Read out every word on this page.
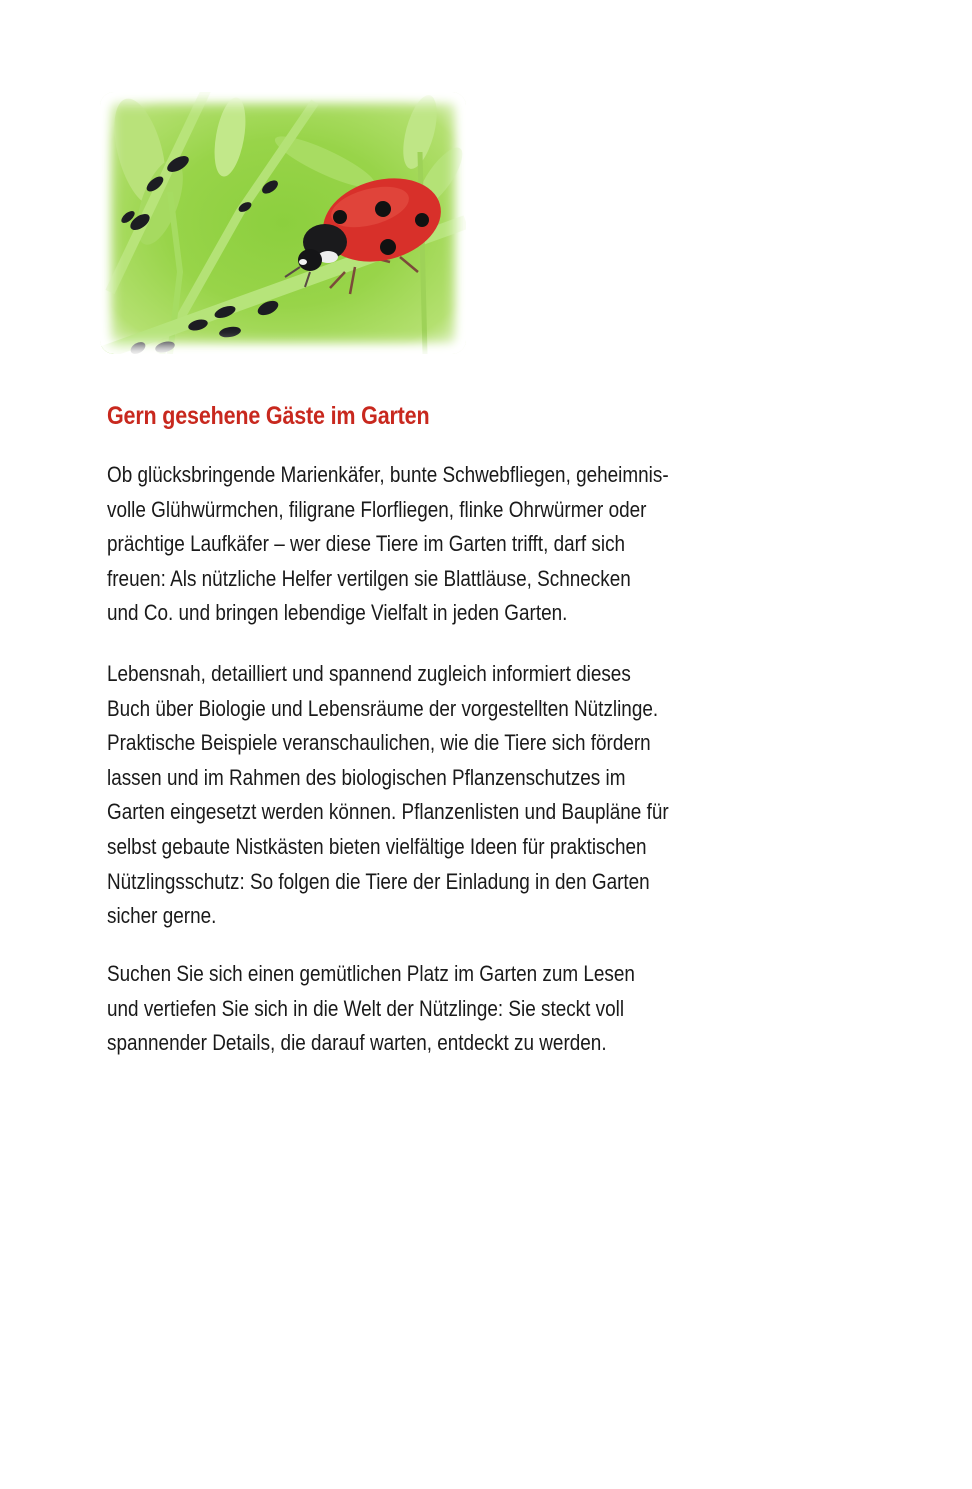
Gern gesehene Gäste im Garten
Ob glücksbringende Marienkäfer, bunte Schwebfliegen, geheimnis-
volle Glühwürmchen, filigrane Florfliegen, flinke Ohrwürmer oder
prächtige Laufkäfer – wer diese Tiere im Garten trifft, darf sich
freuen: Als nützliche Helfer vertilgen sie Blattläuse, Schnecken
und Co. und bringen lebendige Vielfalt in jeden Garten.
Lebensnah, detailliert und spannend zugleich informiert dieses
Buch über Biologie und Lebensräume der vorgestellten Nützlinge.
Praktische Beispiele veranschaulichen, wie die Tiere sich fördern
lassen und im Rahmen des biologischen Pflanzenschutzes im
Garten eingesetzt werden können. Pflanzenlisten und Baupläne für
selbst gebaute Nistkästen bieten vielfältige Ideen für praktischen
Nützlingsschutz: So folgen die Tiere der Einladung in den Garten
sicher gerne.
Suchen Sie sich einen gemütlichen Platz im Garten zum Lesen
und vertiefen Sie sich in die Welt der Nützlinge: Sie steckt voll
spannender Details, die darauf warten, entdeckt zu werden.
